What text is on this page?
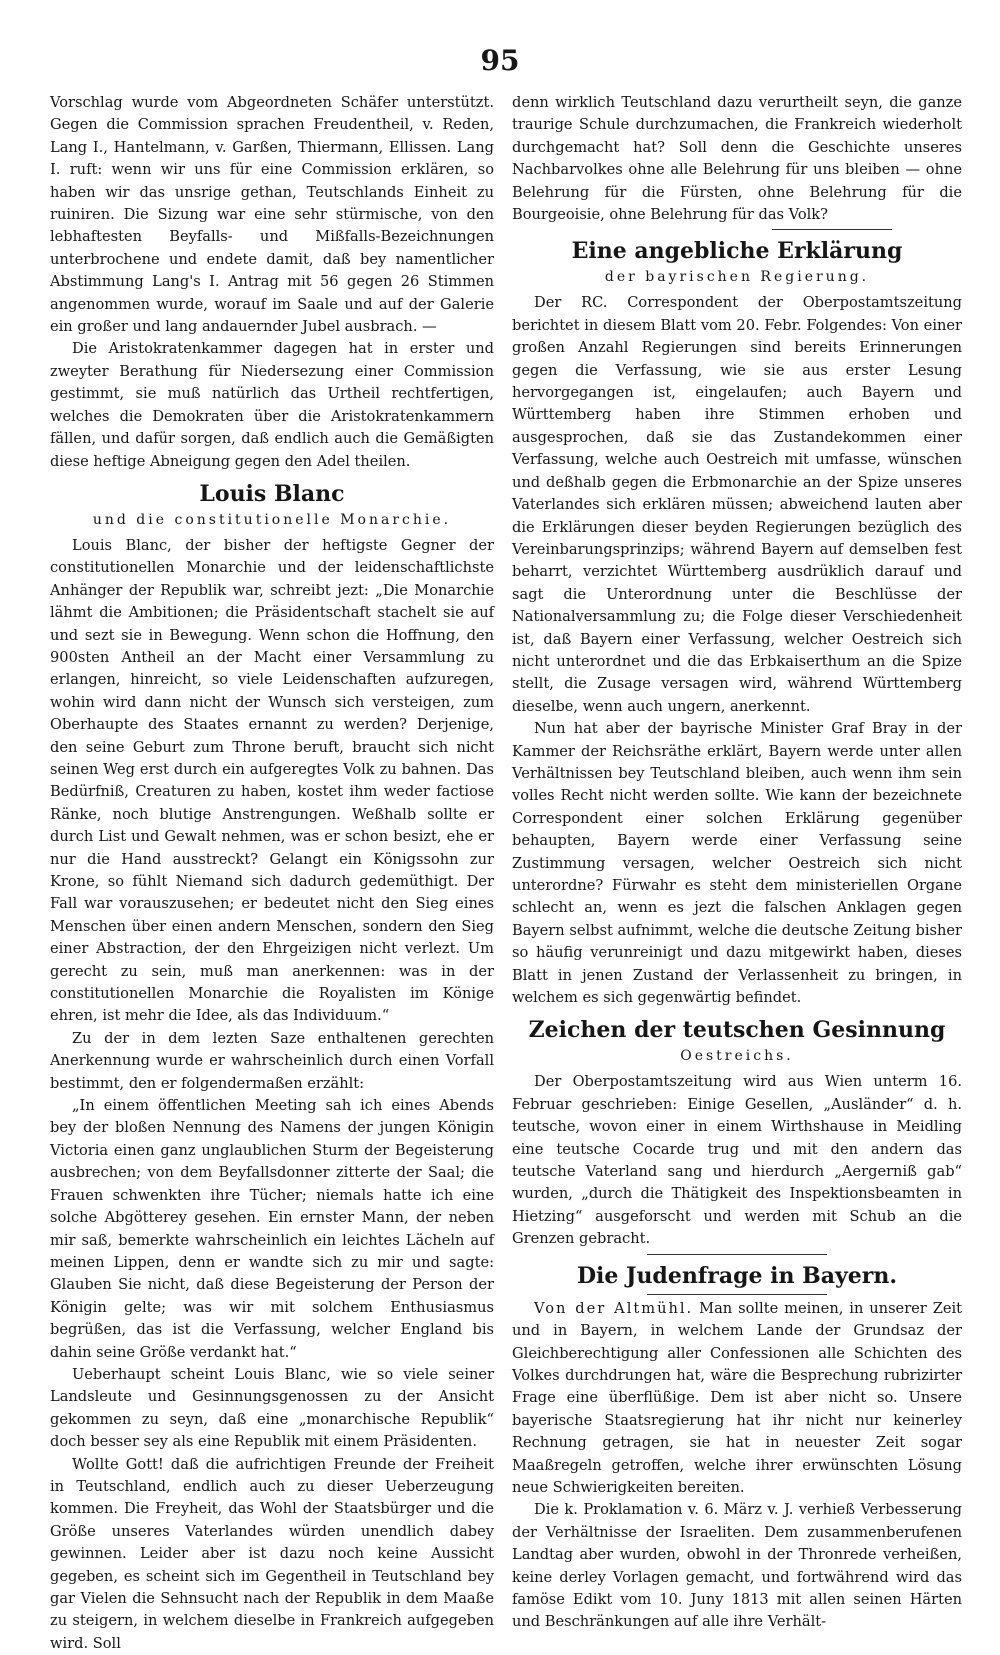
95

Vorschlag wurde vom Abgeordneten Schäfer unterstützt. Gegen die Commission sprachen Freudentheil, v. Reden, Lang I., Hantelmann, v. Garßen, Thiermann, Ellissen. Lang I. ruft: wenn wir uns für eine Commission erklären, so haben wir das unsrige gethan, Teutschlands Einheit zu ruiniren. Die Sizung war eine sehr stürmische, von den lebhaftesten Beyfalls- und Mißfalls-Bezeichnungen unterbrochene und endete damit, daß bey namentlicher Abstimmung Lang's I. Antrag mit 56 gegen 26 Stimmen angenommen wurde, worauf im Saale und auf der Galerie ein großer und lang andauernder Jubel ausbrach. —

Die Aristokratenkammer dagegen hat in erster und zweyter Berathung für Niedersezung einer Commission gestimmt, sie muß natürlich das Urtheil rechtfertigen, welches die Demokraten über die Aristokratenkammern fällen, und dafür sorgen, daß endlich auch die Gemäßigten diese heftige Abneigung gegen den Adel theilen.

Louis Blanc
und die constitutionelle Monarchie.

Louis Blanc, der bisher der heftigste Gegner der constitutionellen Monarchie und der leidenschaftlichste Anhänger der Republik war, schreibt jezt: „Die Monarchie lähmt die Ambitionen; die Präsidentschaft stachelt sie auf und sezt sie in Bewegung. Wenn schon die Hoffnung, den 900sten Antheil an der Macht einer Versammlung zu erlangen, hinreicht, so viele Leidenschaften aufzuregen, wohin wird dann nicht der Wunsch sich versteigen, zum Oberhaupte des Staates ernannt zu werden? Derjenige, den seine Geburt zum Throne beruft, braucht sich nicht seinen Weg erst durch ein aufgeregtes Volk zu bahnen. Das Bedürfniß, Creaturen zu haben, kostet ihm weder factiose Ränke, noch blutige Anstrengungen. Weßhalb sollte er durch List und Gewalt nehmen, was er schon besizt, ehe er nur die Hand ausstreckt? Gelangt ein Königssohn zur Krone, so fühlt Niemand sich dadurch gedemüthigt. Der Fall war vorauszusehen; er bedeutet nicht den Sieg eines Menschen über einen andern Menschen, sondern den Sieg einer Abstraction, der den Ehrgeizigen nicht verlezt. Um gerecht zu sein, muß man anerkennen: was in der constitutionellen Monarchie die Royalisten im Könige ehren, ist mehr die Idee, als das Individuum.“

Zu der in dem lezten Saze enthaltenen gerechten Anerkennung wurde er wahrscheinlich durch einen Vorfall bestimmt, den er folgendermaßen erzählt:

„In einem öffentlichen Meeting sah ich eines Abends bey der bloßen Nennung des Namens der jungen Königin Victoria einen ganz unglaublichen Sturm der Begeisterung ausbrechen; von dem Beyfallsdonner zitterte der Saal; die Frauen schwenkten ihre Tücher; niemals hatte ich eine solche Abgötterey gesehen. Ein ernster Mann, der neben mir saß, bemerkte wahrscheinlich ein leichtes Lächeln auf meinen Lippen, denn er wandte sich zu mir und sagte: Glauben Sie nicht, daß diese Begeisterung der Person der Königin gelte; was wir mit solchem Enthusiasmus begrüßen, das ist die Verfassung, welcher England bis dahin seine Größe verdankt hat.“

Ueberhaupt scheint Louis Blanc, wie so viele seiner Landsleute und Gesinnungsgenossen zu der Ansicht gekommen zu seyn, daß eine „monarchische Republik“ doch besser sey als eine Republik mit einem Präsidenten.

Wollte Gott! daß die aufrichtigen Freunde der Freiheit in Teutschland, endlich auch zu dieser Ueberzeugung kommen. Die Freyheit, das Wohl der Staatsbürger und die Größe unseres Vaterlandes würden unendlich dabey gewinnen. Leider aber ist dazu noch keine Aussicht gegeben, es scheint sich im Gegentheil in Teutschland bey gar Vielen die Sehnsucht nach der Republik in dem Maaße zu steigern, in welchem dieselbe in Frankreich aufgegeben wird. Soll

denn wirklich Teutschland dazu verurtheilt seyn, die ganze traurige Schule durchzumachen, die Frankreich wiederholt durchgemacht hat? Soll denn die Geschichte unseres Nachbarvolkes ohne alle Belehrung für uns bleiben — ohne Belehrung für die Fürsten, ohne Belehrung für die Bourgeoisie, ohne Belehrung für das Volk?

Eine angebliche Erklärung
der bayrischen Regierung.

Der RC. Correspondent der Oberpostamtszeitung berichtet in diesem Blatt vom 20. Febr. Folgendes: Von einer großen Anzahl Regierungen sind bereits Erinnerungen gegen die Verfassung, wie sie aus erster Lesung hervorgegangen ist, eingelaufen; auch Bayern und Württemberg haben ihre Stimmen erhoben und ausgesprochen, daß sie das Zustandekommen einer Verfassung, welche auch Oestreich mit umfasse, wünschen und deßhalb gegen die Erbmonarchie an der Spize unseres Vaterlandes sich erklären müssen; abweichend lauten aber die Erklärungen dieser beyden Regierungen bezüglich des Vereinbarungsprinzips; während Bayern auf demselben fest beharrt, verzichtet Württemberg ausdrüklich darauf und sagt die Unterordnung unter die Beschlüsse der Nationalversammlung zu; die Folge dieser Verschiedenheit ist, daß Bayern einer Verfassung, welcher Oestreich sich nicht unterordnet und die das Erbkaiserthum an die Spize stellt, die Zusage versagen wird, während Württemberg dieselbe, wenn auch ungern, anerkennt.

Nun hat aber der bayrische Minister Graf Bray in der Kammer der Reichsräthe erklärt, Bayern werde unter allen Verhältnissen bey Teutschland bleiben, auch wenn ihm sein volles Recht nicht werden sollte. Wie kann der bezeichnete Correspondent einer solchen Erklärung gegenüber behaupten, Bayern werde einer Verfassung seine Zustimmung versagen, welcher Oestreich sich nicht unterordne? Fürwahr es steht dem ministeriellen Organe schlecht an, wenn es jezt die falschen Anklagen gegen Bayern selbst aufnimmt, welche die deutsche Zeitung bisher so häufig verunreinigt und dazu mitgewirkt haben, dieses Blatt in jenen Zustand der Verlassenheit zu bringen, in welchem es sich gegenwärtig befindet.

Zeichen der teutschen Gesinnung
Oestreichs.

Der Oberpostamtszeitung wird aus Wien unterm 16. Februar geschrieben: Einige Gesellen, „Ausländer“ d. h. teutsche, wovon einer in einem Wirthshause in Meidling eine teutsche Cocarde trug und mit den andern das teutsche Vaterland sang und hierdurch „Aergerniß gab“ wurden, „durch die Thätigkeit des Inspektionsbeamten in Hietzing“ ausgeforscht und werden mit Schub an die Grenzen gebracht.

Die Judenfrage in Bayern.

Von der Altmühl. Man sollte meinen, in unserer Zeit und in Bayern, in welchem Lande der Grundsaz der Gleichberechtigung aller Confessionen alle Schichten des Volkes durchdrungen hat, wäre die Besprechung rubrizirter Frage eine überflüßige. Dem ist aber nicht so. Unsere bayerische Staatsregierung hat ihr nicht nur keinerley Rechnung getragen, sie hat in neuester Zeit sogar Maaßregeln getroffen, welche ihrer erwünschten Lösung neue Schwierigkeiten bereiten.

Die k. Proklamation v. 6. März v. J. verhieß Verbesserung der Verhältnisse der Israeliten. Dem zusammenberufenen Landtag aber wurden, obwohl in der Thronrede verheißen, keine derley Vorlagen gemacht, und fortwährend wird das famöse Edikt vom 10. Juny 1813 mit allen seinen Härten und Beschränkungen auf alle ihre Verhält-
